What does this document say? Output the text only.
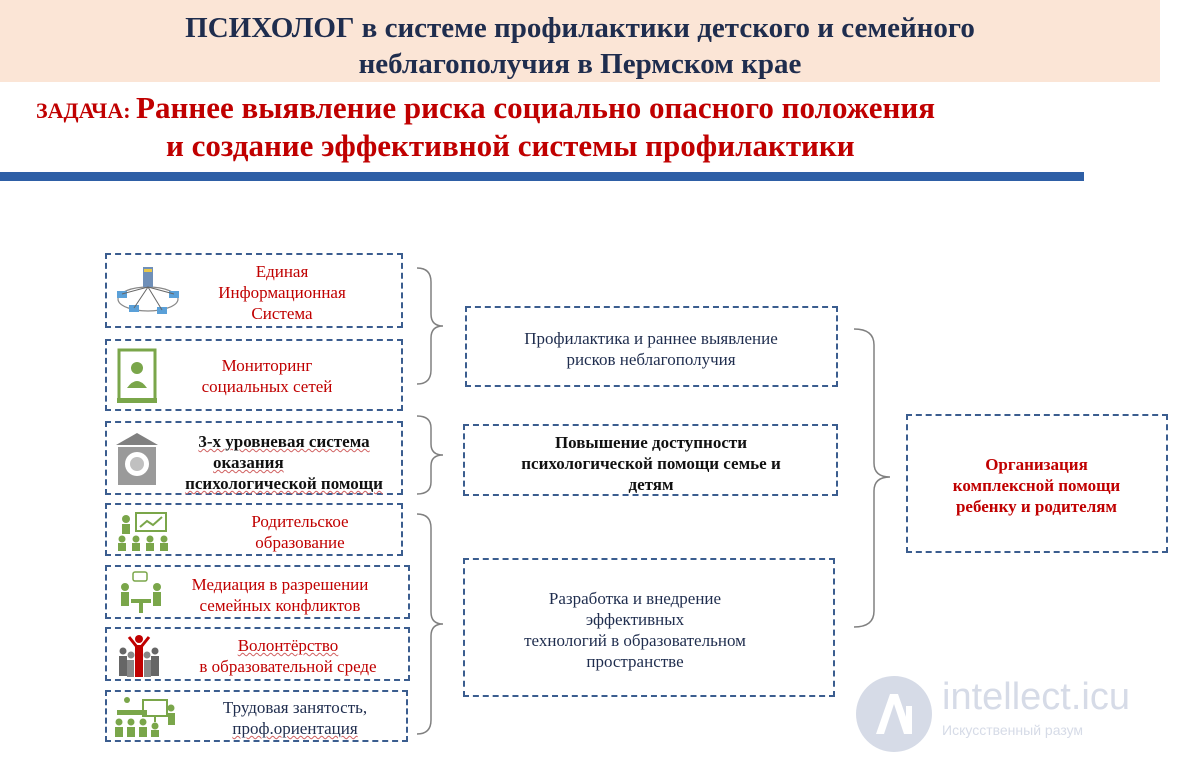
ПСИХОЛОГ в системе профилактики детского и семейного
неблагополучия в Пермском крае
ЗАДАЧА: Раннее выявление риска социально опасного положения
и создание эффективной системы профилактики
Единая
Информационная
Система
Мониторинг
социальных сетей
3-х уровневая система
оказания
психологической помощи
Родительское
образование
Медиация в разрешении
семейных конфликтов
Волонтёрство
в образовательной среде
Трудовая занятость,
проф.ориентация
Профилактика и раннее выявление
рисков неблагополучия
Повышение доступности
психологической помощи семье и
детям
Разработка и внедрение
эффективных
технологий в образовательном
пространстве
Организация
комплексной помощи
ребенку и родителям
intellect.icu
Искусственный разум
